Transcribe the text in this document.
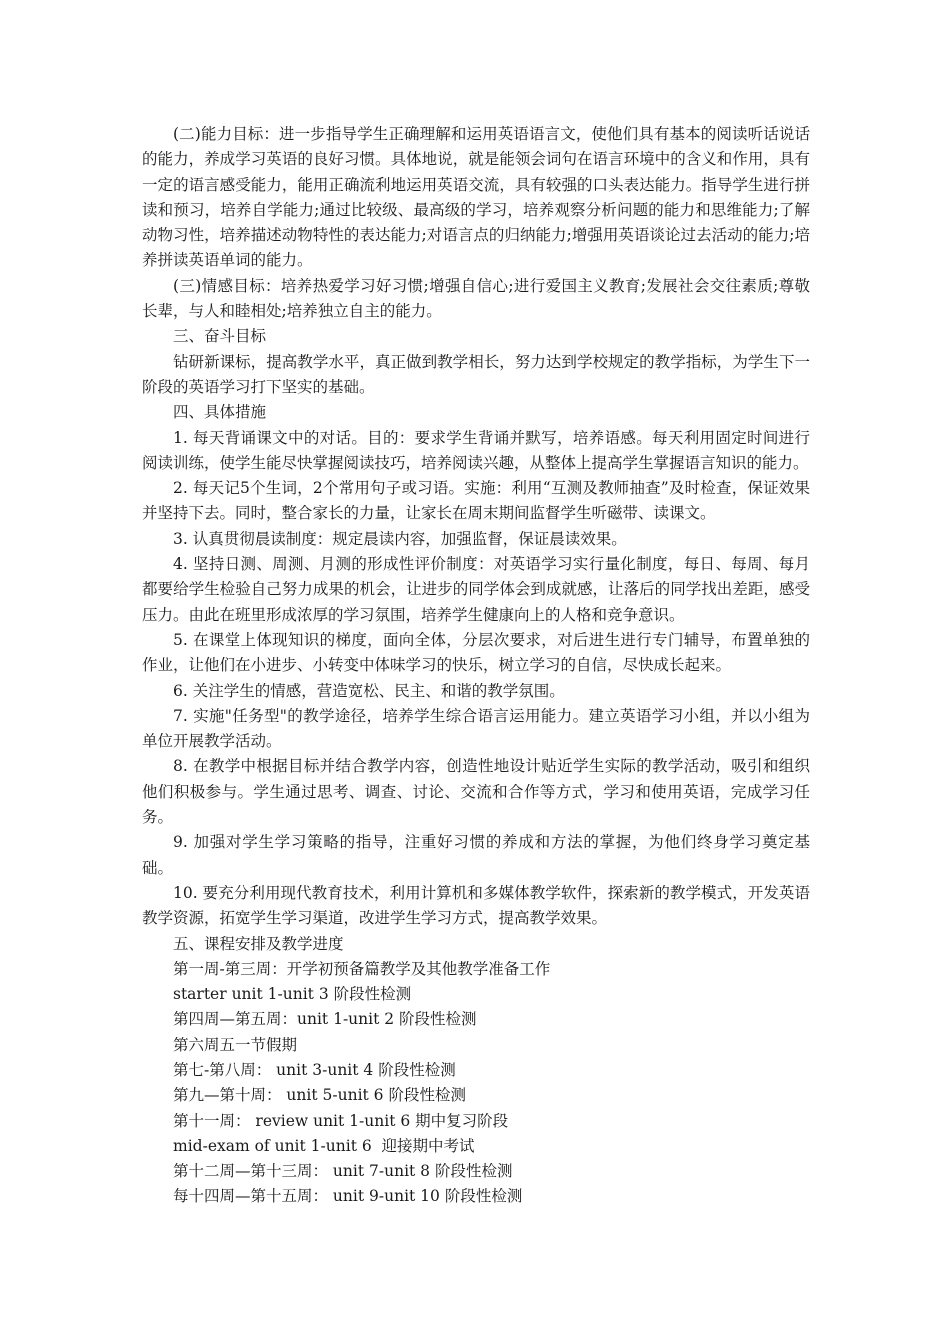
(二)能力目标：进一步指导学生正确理解和运用英语语言文，使他们具有基本的阅读听话说话的能力，养成学习英语的良好习惯。具体地说，就是能领会词句在语言环境中的含义和作用，具有一定的语言感受能力，能用正确流利地运用英语交流，具有较强的口头表达能力。指导学生进行拼读和预习，培养自学能力;通过比较级、最高级的学习，培养观察分析问题的能力和思维能力;了解动物习性，培养描述动物特性的表达能力;对语言点的归纳能力;增强用英语谈论过去活动的能力;培养拼读英语单词的能力。

(三)情感目标：培养热爱学习好习惯;增强自信心;进行爱国主义教育;发展社会交往素质;尊敬长辈，与人和睦相处;培养独立自主的能力。

三、奋斗目标

钻研新课标，提高教学水平，真正做到教学相长，努力达到学校规定的教学指标，为学生下一阶段的英语学习打下坚实的基础。

四、具体措施

1. 每天背诵课文中的对话。目的：要求学生背诵并默写，培养语感。每天利用固定时间进行阅读训练，使学生能尽快掌握阅读技巧，培养阅读兴趣，从整体上提高学生掌握语言知识的能力。

2. 每天记5个生词，2个常用句子或习语。实施：利用“互测及教师抽查”及时检查，保证效果并坚持下去。同时，整合家长的力量，让家长在周末期间监督学生听磁带、读课文。

3. 认真贯彻晨读制度：规定晨读内容，加强监督，保证晨读效果。

4. 坚持日测、周测、月测的形成性评价制度：对英语学习实行量化制度，每日、每周、每月都要给学生检验自己努力成果的机会，让进步的同学体会到成就感，让落后的同学找出差距，感受压力。由此在班里形成浓厚的学习氛围，培养学生健康向上的人格和竞争意识。

5. 在课堂上体现知识的梯度，面向全体，分层次要求，对后进生进行专门辅导，布置单独的作业，让他们在小进步、小转变中体味学习的快乐，树立学习的自信，尽快成长起来。

6. 关注学生的情感，营造宽松、民主、和谐的教学氛围。

7. 实施"任务型"的教学途径，培养学生综合语言运用能力。建立英语学习小组，并以小组为单位开展教学活动。

8. 在教学中根据目标并结合教学内容，创造性地设计贴近学生实际的教学活动，吸引和组织他们积极参与。学生通过思考、调查、讨论、交流和合作等方式，学习和使用英语，完成学习任务。

9. 加强对学生学习策略的指导，注重好习惯的养成和方法的掌握，为他们终身学习奠定基础。

10. 要充分利用现代教育技术，利用计算机和多媒体教学软件，探索新的教学模式，开发英语教学资源，拓宽学生学习渠道，改进学生学习方式，提高教学效果。

五、课程安排及教学进度

第一周-第三周：开学初预备篇教学及其他教学准备工作

starter unit 1-unit 3 阶段性检测

第四周—第五周：unit 1-unit 2 阶段性检测

第六周五一节假期

第七-第八周： unit 3-unit 4 阶段性检测

第九—第十周： unit 5-unit 6 阶段性检测

第十一周： review unit 1-unit 6 期中复习阶段

mid-exam of unit 1-unit 6  迎接期中考试

第十二周—第十三周： unit 7-unit 8 阶段性检测

每十四周—第十五周： unit 9-unit 10 阶段性检测
